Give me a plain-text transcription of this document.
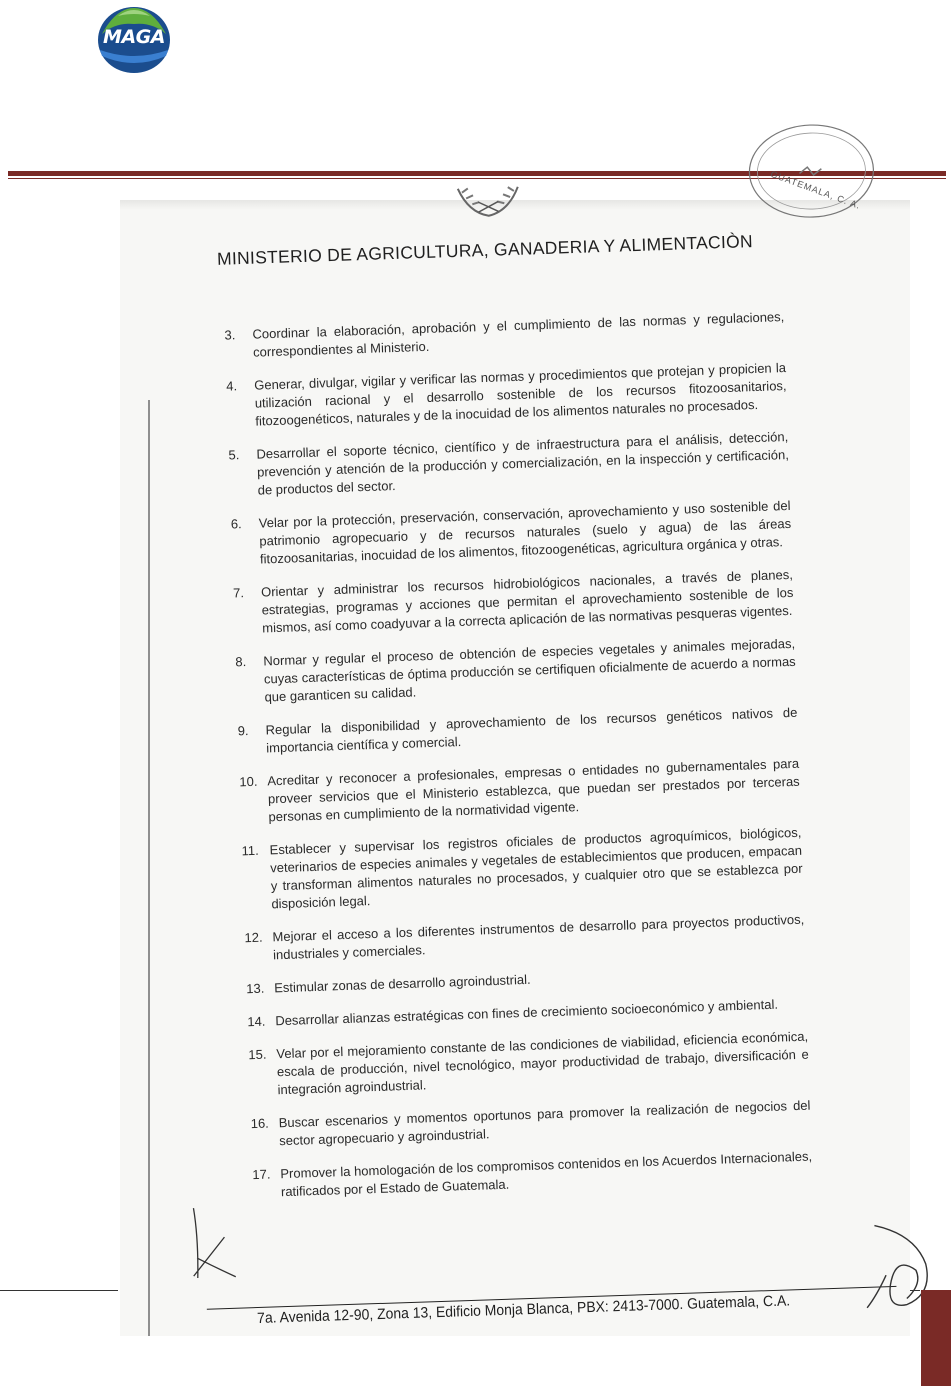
MAGA
GUATEMALA, C. A.
MINISTERIO DE AGRICULTURA, GANADERIA Y ALIMENTACIÒN
3. Coordinar la elaboración, aprobación y el cumplimiento de las normas y regulaciones, correspondientes al Ministerio.
4. Generar, divulgar, vigilar y verificar las normas y procedimientos que protejan y propicien la utilización racional y el desarrollo sostenible de los recursos fitozoosanitarios, fitozoogenéticos, naturales y de la inocuidad de los alimentos naturales no procesados.
5. Desarrollar el soporte técnico, científico y de infraestructura para el análisis, detección, prevención y atención de la producción y comercialización, en la inspección y certificación, de productos del sector.
6. Velar por la protección, preservación, conservación, aprovechamiento y uso sostenible del patrimonio agropecuario y de recursos naturales (suelo y agua) de las áreas fitozoosanitarias, inocuidad de los alimentos, fitozoogenéticas, agricultura orgánica y otras.
7. Orientar y administrar los recursos hidrobiológicos nacionales, a través de planes, estrategias, programas y acciones que permitan el aprovechamiento sostenible de los mismos, así como coadyuvar a la correcta aplicación de las normativas pesqueras vigentes.
8. Normar y regular el proceso de obtención de especies vegetales y animales mejoradas, cuyas características de óptima producción se certifiquen oficialmente de acuerdo a normas que garanticen su calidad.
9. Regular la disponibilidad y aprovechamiento de los recursos genéticos nativos de importancia científica y comercial.
10. Acreditar y reconocer a profesionales, empresas o entidades no gubernamentales para proveer servicios que el Ministerio establezca, que puedan ser prestados por terceras personas en cumplimiento de la normatividad vigente.
11. Establecer y supervisar los registros oficiales de productos agroquímicos, biológicos, veterinarios de especies animales y vegetales de establecimientos que producen, empacan y transforman alimentos naturales no procesados, y cualquier otro que se establezca por disposición legal.
12. Mejorar el acceso a los diferentes instrumentos de desarrollo para proyectos productivos, industriales y comerciales.
13. Estimular zonas de desarrollo agroindustrial.
14. Desarrollar alianzas estratégicas con fines de crecimiento socioeconómico y ambiental.
15. Velar por el mejoramiento constante de las condiciones de viabilidad, eficiencia económica, escala de producción, nivel tecnológico, mayor productividad de trabajo, diversificación e integración agroindustrial.
16. Buscar escenarios y momentos oportunos para promover la realización de negocios del sector agropecuario y agroindustrial.
17. Promover la homologación de los compromisos contenidos en los Acuerdos Internacionales, ratificados por el Estado de Guatemala.
7a. Avenida 12-90, Zona 13, Edificio Monja Blanca, PBX: 2413-7000. Guatemala, C.A.
